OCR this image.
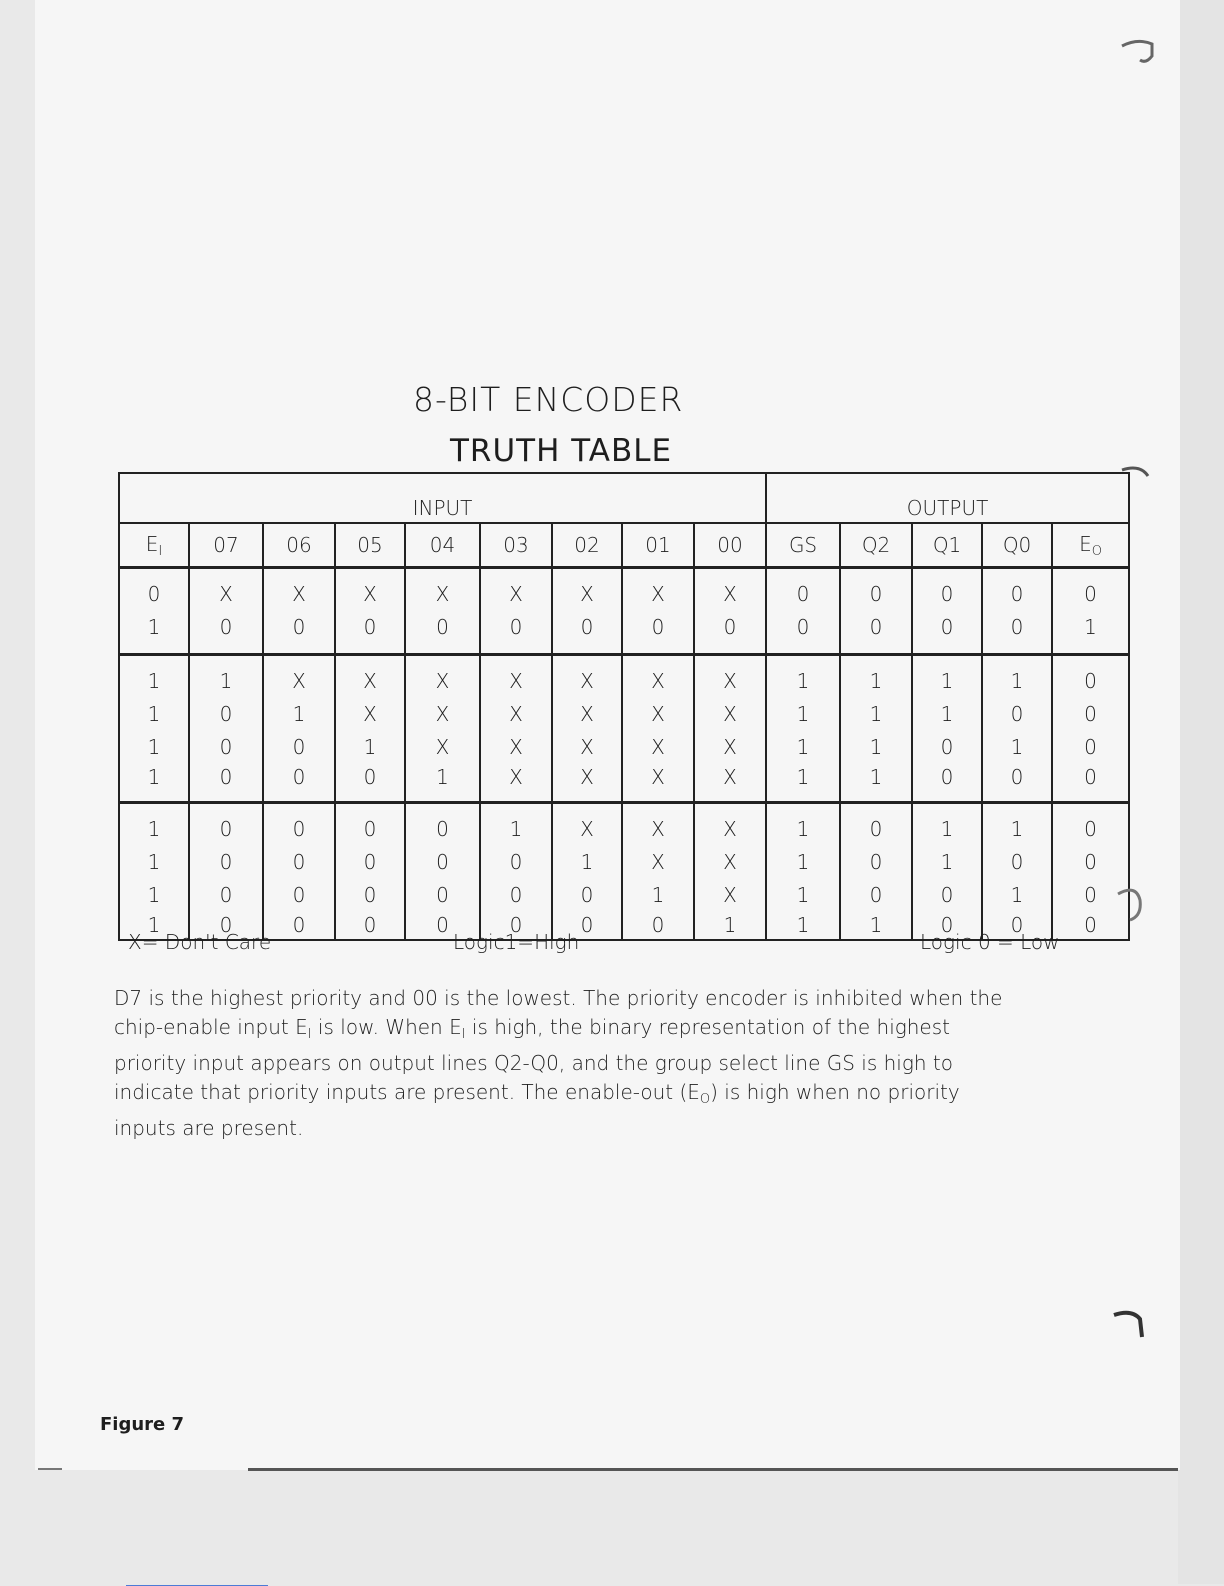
8-BIT ENCODER
TRUTH TABLE
INPUT									OUTPUT				
$E_I$	07	06	05	04	03	02	01	00	GS	Q2	Q1	Q0	$E_O$
0	X	X	X	X	X	X	X	X	0	0	0	0	0
1	0	0	0	0	0	0	0	0	0	0	0	0	1
1	1	X	X	X	X	X	X	X	1	1	1	1	0
1	0	1	X	X	X	X	X	X	1	1	1	0	0
1	0	0	1	X	X	X	X	X	1	1	0	1	0
1	0	0	0	1	X	X	X	X	1	1	0	0	0
1	0	0	0	0	1	X	X	X	1	0	1	1	0
1	0	0	0	0	0	1	X	X	1	0	1	0	0
1	0	0	0	0	0	0	1	X	1	0	0	1	0
1	0	0	0	0	0	0	0	1	1	1	0	0	0
X= Don't Care	Logic1=High	Logic 0 = Low

D7 is the highest priority and 00 is the lowest. The priority encoder is inhibited when the

chip-enable input $E_I$ is low. When $E_I$ is high, the binary representation of the highest

priority input appears on output lines Q2-Q0, and the group select line GS is high to

indicate that priority inputs are present. The enable-out $(E_O)$ is high when no priority

inputs are present.

Figure 7
